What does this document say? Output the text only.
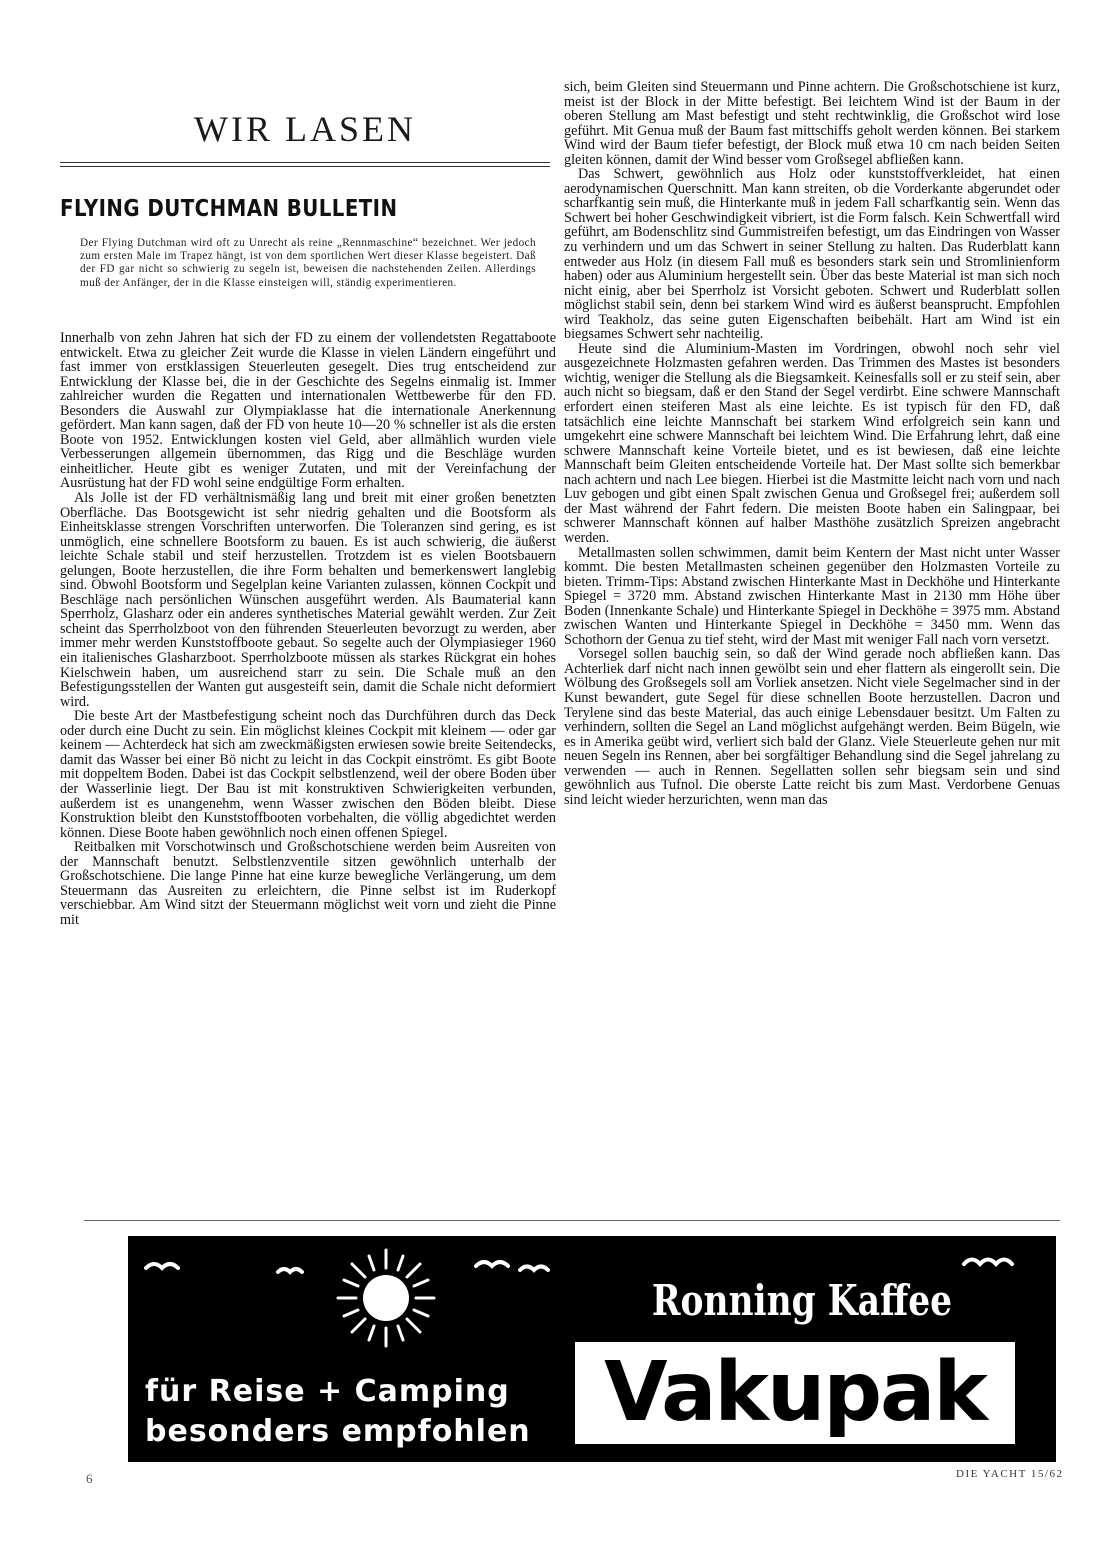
WIR LASEN
FLYING DUTCHMAN BULLETIN
Der Flying Dutchman wird oft zu Unrecht als reine „Rennmaschine“ bezeichnet. Wer jedoch zum ersten Male im Trapez hängt, ist von dem sportlichen Wert dieser Klasse begeistert. Daß der FD gar nicht so schwierig zu segeln ist, beweisen die nachstehenden Zeilen. Allerdings muß der Anfänger, der in die Klasse einsteigen will, ständig experimentieren.

Innerhalb von zehn Jahren hat sich der FD zu einem der vollendetsten Regattaboote entwickelt. Etwa zu gleicher Zeit wurde die Klasse in vielen Ländern eingeführt und fast immer von erstklassigen Steuerleuten gesegelt. Dies trug entscheidend zur Entwicklung der Klasse bei, die in der Geschichte des Segelns einmalig ist. Immer zahlreicher wurden die Regatten und internationalen Wettbewerbe für den FD. Besonders die Auswahl zur Olympiaklasse hat die internationale Anerkennung gefördert. Man kann sagen, daß der FD von heute 10—20 % schneller ist als die ersten Boote von 1952. Entwicklungen kosten viel Geld, aber allmählich wurden viele Verbesserungen allgemein übernommen, das Rigg und die Beschläge wurden einheitlicher. Heute gibt es weniger Zutaten, und mit der Vereinfachung der Ausrüstung hat der FD wohl seine endgültige Form erhalten.

Als Jolle ist der FD verhältnismäßig lang und breit mit einer großen benetzten Oberfläche. Das Bootsgewicht ist sehr niedrig gehalten und die Bootsform als Einheitsklasse strengen Vorschriften unterworfen. Die Toleranzen sind gering, es ist unmöglich, eine schnellere Bootsform zu bauen. Es ist auch schwierig, die äußerst leichte Schale stabil und steif herzustellen. Trotzdem ist es vielen Bootsbauern gelungen, Boote herzustellen, die ihre Form behalten und bemerkenswert langlebig sind. Obwohl Bootsform und Segelplan keine Varianten zulassen, können Cockpit und Beschläge nach persönlichen Wünschen ausgeführt werden. Als Baumaterial kann Sperrholz, Glasharz oder ein anderes synthetisches Material gewählt werden. Zur Zeit scheint das Sperrholzboot von den führenden Steuerleuten bevorzugt zu werden, aber immer mehr werden Kunststoffboote gebaut. So segelte auch der Olympiasieger 1960 ein italienisches Glasharzboot. Sperrholzboote müssen als starkes Rückgrat ein hohes Kielschwein haben, um ausreichend starr zu sein. Die Schale muß an den Befestigungsstellen der Wanten gut ausgesteift sein, damit die Schale nicht deformiert wird.

Die beste Art der Mastbefestigung scheint noch das Durchführen durch das Deck oder durch eine Ducht zu sein. Ein möglichst kleines Cockpit mit kleinem — oder gar keinem — Achterdeck hat sich am zweckmäßigsten erwiesen sowie breite Seitendecks, damit das Wasser bei einer Bö nicht zu leicht in das Cockpit einströmt. Es gibt Boote mit doppeltem Boden. Dabei ist das Cockpit selbstlenzend, weil der obere Boden über der Wasserlinie liegt. Der Bau ist mit konstruktiven Schwierigkeiten verbunden, außerdem ist es unangenehm, wenn Wasser zwischen den Böden bleibt. Diese Konstruktion bleibt den Kunststoffbooten vorbehalten, die völlig abgedichtet werden können. Diese Boote haben gewöhnlich noch einen offenen Spiegel.

Reitbalken mit Vorschotwinsch und Großschotschiene werden beim Ausreiten von der Mannschaft benutzt. Selbstlenzventile sitzen gewöhnlich unterhalb der Großschotschiene. Die lange Pinne hat eine kurze bewegliche Verlängerung, um dem Steuermann das Ausreiten zu erleichtern, die Pinne selbst ist im Ruderkopf verschiebbar. Am Wind sitzt der Steuermann möglichst weit vorn und zieht die Pinne mit

sich, beim Gleiten sind Steuermann und Pinne achtern. Die Großschotschiene ist kurz, meist ist der Block in der Mitte befestigt. Bei leichtem Wind ist der Baum in der oberen Stellung am Mast befestigt und steht rechtwinklig, die Großschot wird lose geführt. Mit Genua muß der Baum fast mittschiffs geholt werden können. Bei starkem Wind wird der Baum tiefer befestigt, der Block muß etwa 10 cm nach beiden Seiten gleiten können, damit der Wind besser vom Großsegel abfließen kann.

Das Schwert, gewöhnlich aus Holz oder kunststoffverkleidet, hat einen aerodynamischen Querschnitt. Man kann streiten, ob die Vorderkante abgerundet oder scharfkantig sein muß, die Hinterkante muß in jedem Fall scharfkantig sein. Wenn das Schwert bei hoher Geschwindigkeit vibriert, ist die Form falsch. Kein Schwertfall wird geführt, am Bodenschlitz sind Gummistreifen befestigt, um das Eindringen von Wasser zu verhindern und um das Schwert in seiner Stellung zu halten. Das Ruderblatt kann entweder aus Holz (in diesem Fall muß es besonders stark sein und Stromlinienform haben) oder aus Aluminium hergestellt sein. Über das beste Material ist man sich noch nicht einig, aber bei Sperrholz ist Vorsicht geboten. Schwert und Ruderblatt sollen möglichst stabil sein, denn bei starkem Wind wird es äußerst beansprucht. Empfohlen wird Teakholz, das seine guten Eigenschaften beibehält. Hart am Wind ist ein biegsames Schwert sehr nachteilig.

Heute sind die Aluminium-Masten im Vordringen, obwohl noch sehr viel ausgezeichnete Holzmasten gefahren werden. Das Trimmen des Mastes ist besonders wichtig, weniger die Stellung als die Biegsamkeit. Keinesfalls soll er zu steif sein, aber auch nicht so biegsam, daß er den Stand der Segel verdirbt. Eine schwere Mannschaft erfordert einen steiferen Mast als eine leichte. Es ist typisch für den FD, daß tatsächlich eine leichte Mannschaft bei starkem Wind erfolgreich sein kann und umgekehrt eine schwere Mannschaft bei leichtem Wind. Die Erfahrung lehrt, daß eine schwere Mannschaft keine Vorteile bietet, und es ist bewiesen, daß eine leichte Mannschaft beim Gleiten entscheidende Vorteile hat. Der Mast sollte sich bemerkbar nach achtern und nach Lee biegen. Hierbei ist die Mastmitte leicht nach vorn und nach Luv gebogen und gibt einen Spalt zwischen Genua und Großsegel frei; außerdem soll der Mast während der Fahrt federn. Die meisten Boote haben ein Salingpaar, bei schwerer Mannschaft können auf halber Masthöhe zusätzlich Spreizen angebracht werden.

Metallmasten sollen schwimmen, damit beim Kentern der Mast nicht unter Wasser kommt. Die besten Metallmasten scheinen gegenüber den Holzmasten Vorteile zu bieten. Trimm-Tips: Abstand zwischen Hinterkante Mast in Deckhöhe und Hinterkante Spiegel = 3720 mm. Abstand zwischen Hinterkante Mast in 2130 mm Höhe über Boden (Innenkante Schale) und Hinterkante Spiegel in Deckhöhe = 3975 mm. Abstand zwischen Wanten und Hinterkante Spiegel in Deckhöhe = 3450 mm. Wenn das Schothorn der Genua zu tief steht, wird der Mast mit weniger Fall nach vorn versetzt.

Vorsegel sollen bauchig sein, so daß der Wind gerade noch abfließen kann. Das Achterliek darf nicht nach innen gewölbt sein und eher flattern als eingerollt sein. Die Wölbung des Großsegels soll am Vorliek ansetzen. Nicht viele Segelmacher sind in der Kunst bewandert, gute Segel für diese schnellen Boote herzustellen. Dacron und Terylene sind das beste Material, das auch einige Lebensdauer besitzt. Um Falten zu verhindern, sollten die Segel an Land möglichst aufgehängt werden. Beim Bügeln, wie es in Amerika geübt wird, verliert sich bald der Glanz. Viele Steuerleute gehen nur mit neuen Segeln ins Rennen, aber bei sorgfältiger Behandlung sind die Segel jahrelang zu verwenden — auch in Rennen. Segellatten sollen sehr biegsam sein und sind gewöhnlich aus Tufnol. Die oberste Latte reicht bis zum Mast. Verdorbene Genuas sind leicht wieder herzurichten, wenn man das

für Reise + Camping
besonders empfohlen
Ronning Kaffee
Vakupak
6	DIE YACHT 15/62
